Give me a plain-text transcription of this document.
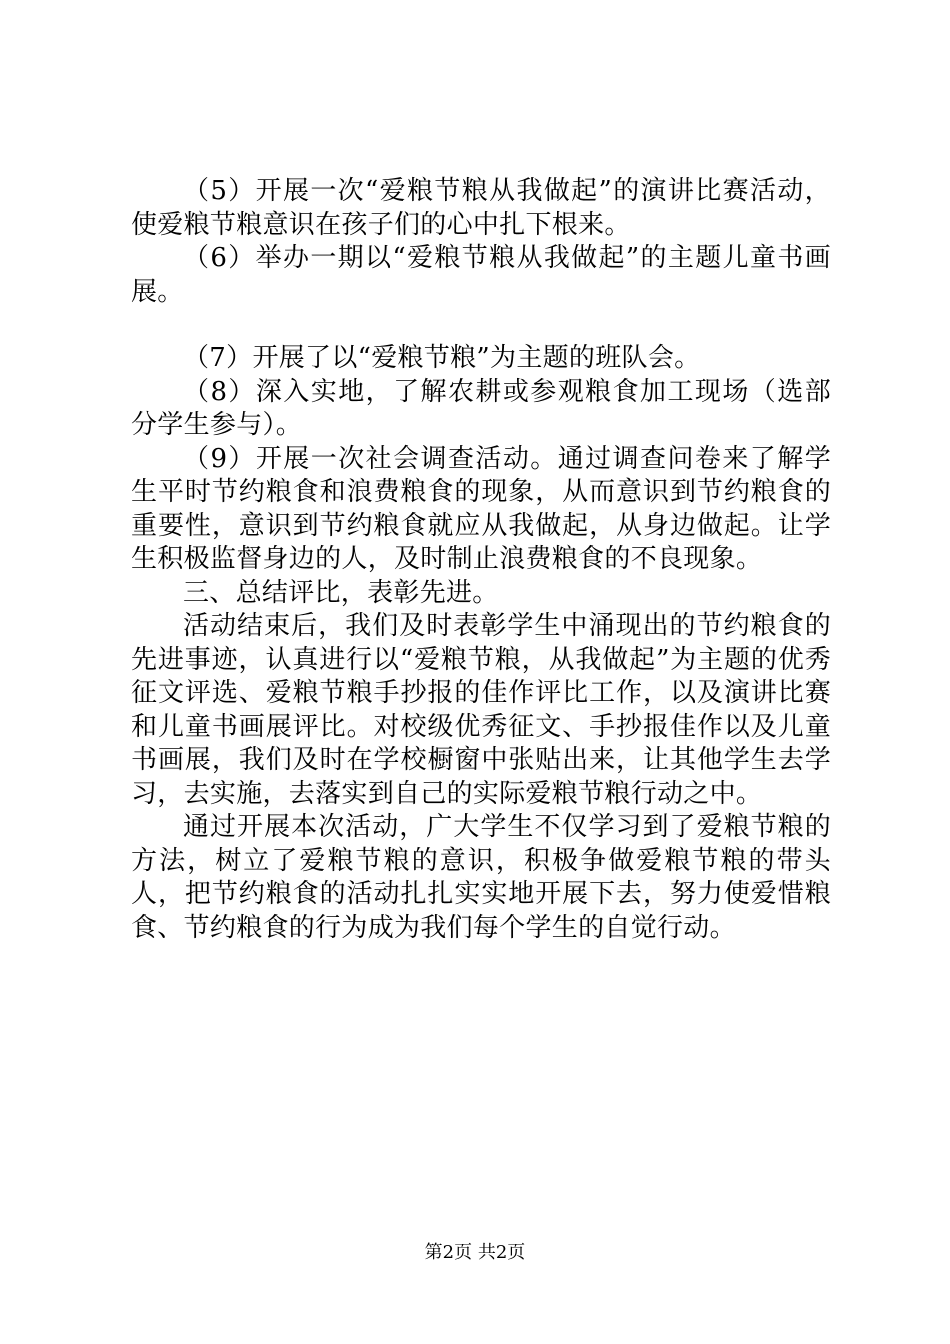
（5）开展一次“爱粮节粮从我做起”的演讲比赛活动，使爱粮节粮意识在孩子们的心中扎下根来。

（6）举办一期以“爱粮节粮从我做起”的主题儿童书画展。

（7）开展了以“爱粮节粮”为主题的班队会。

（8）深入实地，了解农耕或参观粮食加工现场（选部分学生参与）。

（9）开展一次社会调查活动。通过调查问卷来了解学生平时节约粮食和浪费粮食的现象，从而意识到节约粮食的重要性，意识到节约粮食就应从我做起，从身边做起。让学生积极监督身边的人，及时制止浪费粮食的不良现象。

三、总结评比，表彰先进。

活动结束后，我们及时表彰学生中涌现出的节约粮食的先进事迹，认真进行以“爱粮节粮，从我做起”为主题的优秀征文评选、爱粮节粮手抄报的佳作评比工作，以及演讲比赛和儿童书画展评比。对校级优秀征文、手抄报佳作以及儿童书画展，我们及时在学校橱窗中张贴出来，让其他学生去学习，去实施，去落实到自己的实际爱粮节粮行动之中。

通过开展本次活动，广大学生不仅学习到了爱粮节粮的方法，树立了爱粮节粮的意识，积极争做爱粮节粮的带头人，把节约粮食的活动扎扎实实地开展下去，努力使爱惜粮食、节约粮食的行为成为我们每个学生的自觉行动。

第2页 共2页
